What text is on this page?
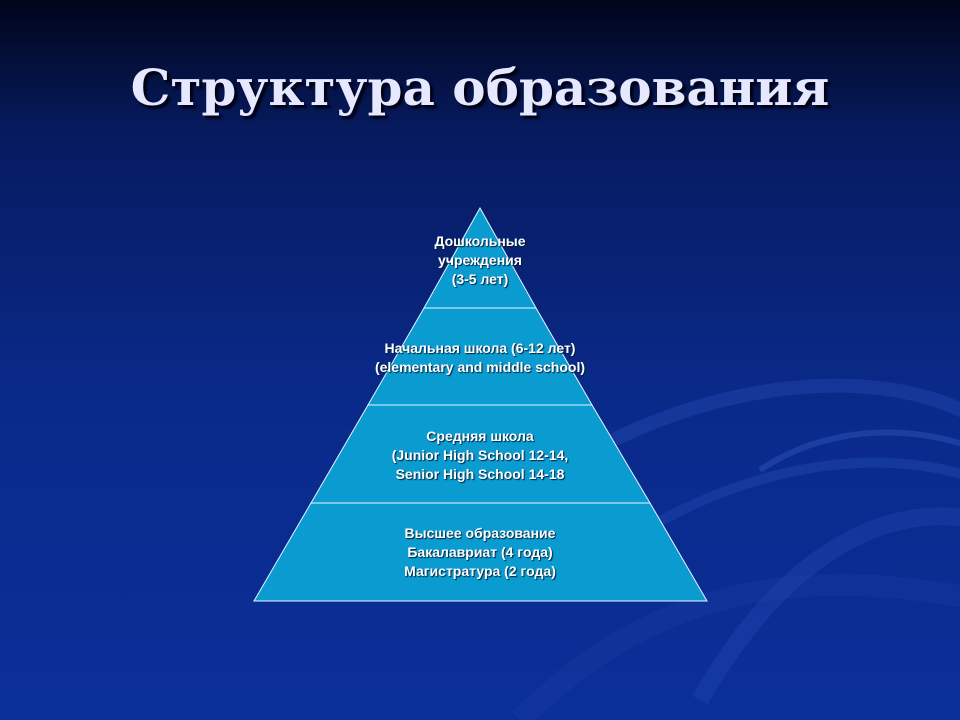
Структура образования
Дошкольные
учреждения
(3-5 лет)
Начальная школа (6-12 лет)
(elementary and middle school)
Средняя школа
(Junior High School 12-14,
Senior High School 14-18
Высшее образование
Бакалавриат (4 года)
Магистратура (2 года)
